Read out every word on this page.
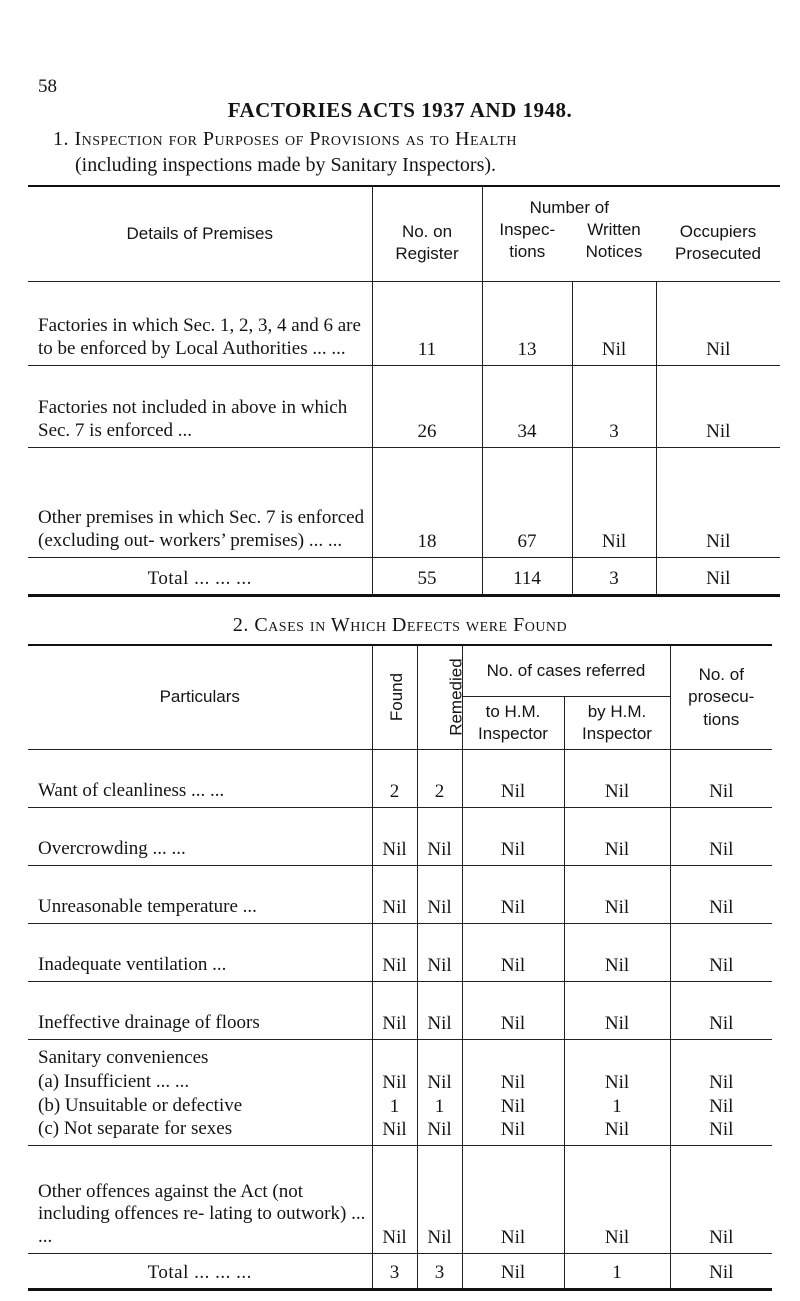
58
FACTORIES ACTS 1937 AND 1948.
1. Inspection for Purposes of Provisions as to Health
(including inspections made by Sanitary Inspectors).
Details of Premises	No. on Register	Number of		Occupiers Prosecuted
		Inspec- tions	Written Notices	
Factories in which Sec. 1, 2, 3, 4 and 6 are to be enforced by Local Authorities ... ...	11	13	Nil	Nil
Factories not included in above in which Sec. 7 is enforced ...	26	34	3	Nil
Other premises in which Sec. 7 is enforced (excluding out- workers’ premises) ... ...	18	67	Nil	Nil
Total ... ... ...	55	114	3	Nil
2. Cases in Which Defects were Found
Particulars	Found	Remedied	No. of cases referred		No. of prosecu- tions
			to H.M. Inspector	by H.M. Inspector	
Want of cleanliness ... ...	2	2	Nil	Nil	Nil
Overcrowding ... ...	Nil	Nil	Nil	Nil	Nil
Unreasonable temperature ...	Nil	Nil	Nil	Nil	Nil
Inadequate ventilation ...	Nil	Nil	Nil	Nil	Nil
Ineffective drainage of floors	Nil	Nil	Nil	Nil	Nil
Sanitary conveniences					
(a) Insufficient ... ...	Nil	Nil	Nil	Nil	Nil
(b) Unsuitable or defective	1	1	Nil	1	Nil
(c) Not separate for sexes	Nil	Nil	Nil	Nil	Nil
Other offences against the Act (not including offences re- lating to outwork) ... ...	Nil	Nil	Nil	Nil	Nil
Total ... ... ...	3	3	Nil	1	Nil
